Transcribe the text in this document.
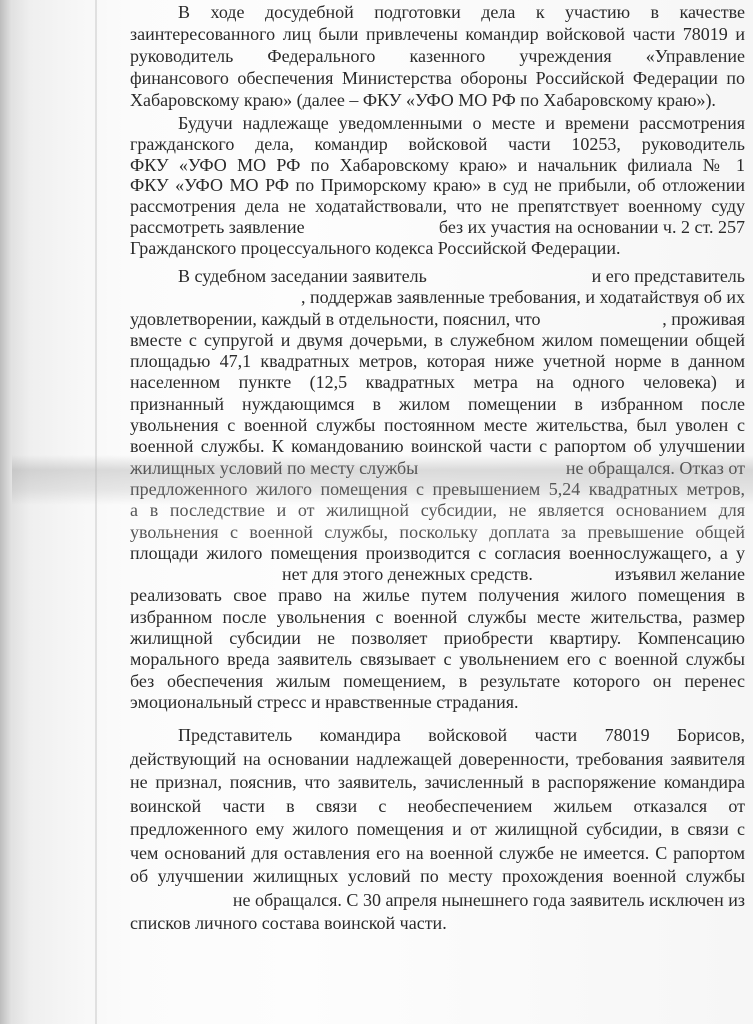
В ходе досудебной подготовки дела к участию в качестве
заинтересованного лиц были привлечены командир войсковой части 78019 и
руководитель Федерального казенного учреждения «Управление
финансового обеспечения Министерства обороны Российской Федерации по
Хабаровскому краю» (далее – ФКУ «УФО МО РФ по Хабаровскому краю»).
Будучи надлежаще уведомленными о месте и времени рассмотрения
гражданского дела, командир войсковой части 10253, руководитель
ФКУ «УФО МО РФ по Хабаровскому краю» и начальник филиала № 1
ФКУ «УФО МО РФ по Приморскому краю» в суд не прибыли, об отложении
рассмотрения дела не ходатайствовали, что не препятствует военному суду
рассмотреть заявление	без их участия на основании ч. 2 ст. 257
Гражданского процессуального кодекса Российской Федерации.
В судебном заседании заявитель	и его представитель
, поддержав заявленные требования, и ходатайствуя об их
удовлетворении, каждый в отдельности, пояснил, что	, проживая
вместе с супругой и двумя дочерьми, в служебном жилом помещении общей
площадью 47,1 квадратных метров, которая ниже учетной норме в данном
населенном пункте (12,5 квадратных метра на одного человека) и
признанный нуждающимся в жилом помещении в избранном после
увольнения с военной службы постоянном месте жительства, был уволен с
военной службы. К командованию воинской части с рапортом об улучшении
жилищных условий по месту службы	не обращался. Отказ от
предложенного жилого помещения с превышением 5,24 квадратных метров,
а в последствие и от жилищной субсидии, не является основанием для
увольнения с военной службы, поскольку доплата за превышение общей
площади жилого помещения производится с согласия военнослужащего, а у
нет для этого денежных средств.	изъявил желание
реализовать свое право на жилье путем получения жилого помещения в
избранном после увольнения с военной службы месте жительства, размер
жилищной субсидии не позволяет приобрести квартиру. Компенсацию
морального вреда заявитель связывает с увольнением его с военной службы
без обеспечения жилым помещением, в результате которого он перенес
эмоциональный стресс и нравственные страдания.
Представитель командира войсковой части 78019 Борисов,
действующий на основании надлежащей доверенности, требования заявителя
не признал, пояснив, что заявитель, зачисленный в распоряжение командира
воинской части в связи с необеспечением жильем отказался от
предложенного ему жилого помещения и от жилищной субсидии, в связи с
чем оснований для оставления его на военной службе не имеется. С рапортом
об улучшении жилищных условий по месту прохождения военной службы
не обращался. С 30 апреля нынешнего года заявитель исключен из
списков личного состава воинской части.
